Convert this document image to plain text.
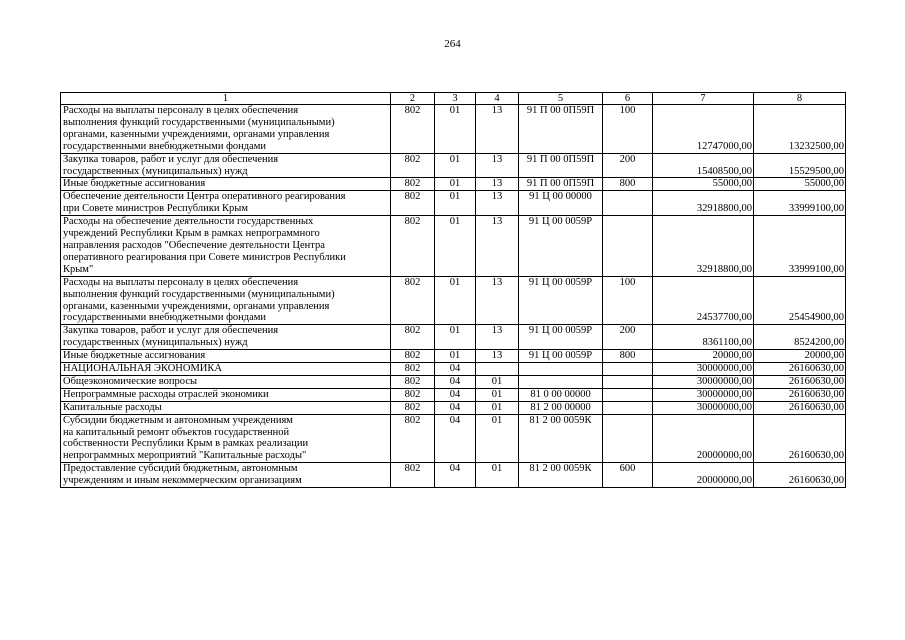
264
1	2	3	4	5	6	7	8

Расходы на выплаты персоналу в целях обеспечения
выполнения функций государственными (муниципальными)
органами, казенными учреждениями, органами управления
государственными внебюджетными фондами	802	01	13	91 П 00 0П59П	100	12747000,00	13232500,00

Закупка товаров, работ и услуг для обеспечения
государственных (муниципальных) нужд	802	01	13	91 П 00 0П59П	200	15408500,00	15529500,00

Иные бюджетные ассигнования	802	01	13	91 П 00 0П59П	800	55000,00	55000,00

Обеспечение деятельности Центра оперативного реагирования
при Совете министров Республики Крым	802	01	13	91 Ц 00 00000		32918800,00	33999100,00

Расходы на обеспечение деятельности государственных
учреждений Республики Крым в рамках непрограммного
направления расходов "Обеспечение деятельности Центра
оперативного реагирования при Совете министров Республики
Крым"	802	01	13	91 Ц 00 0059Р		32918800,00	33999100,00

Расходы на выплаты персоналу в целях обеспечения
выполнения функций государственными (муниципальными)
органами, казенными учреждениями, органами управления
государственными внебюджетными фондами	802	01	13	91 Ц 00 0059Р	100	24537700,00	25454900,00

Закупка товаров, работ и услуг для обеспечения
государственных (муниципальных) нужд	802	01	13	91 Ц 00 0059Р	200	8361100,00	8524200,00

Иные бюджетные ассигнования	802	01	13	91 Ц 00 0059Р	800	20000,00	20000,00

НАЦИОНАЛЬНАЯ ЭКОНОМИКА	802	04				30000000,00	26160630,00

Общеэкономические вопросы	802	04	01			30000000,00	26160630,00

Непрограммные расходы отраслей экономики	802	04	01	81 0 00 00000		30000000,00	26160630,00

Капитальные расходы	802	04	01	81 2 00 00000		30000000,00	26160630,00

Субсидии бюджетным и автономным учреждениям
на капитальный ремонт объектов государственной
собственности Республики Крым в рамках реализации
непрограммных мероприятий "Капитальные расходы"	802	04	01	81 2 00 0059К		20000000,00	26160630,00

Предоставление субсидий бюджетным, автономным
учреждениям и иным некоммерческим организациям	802	04	01	81 2 00 0059К	600	20000000,00	26160630,00
